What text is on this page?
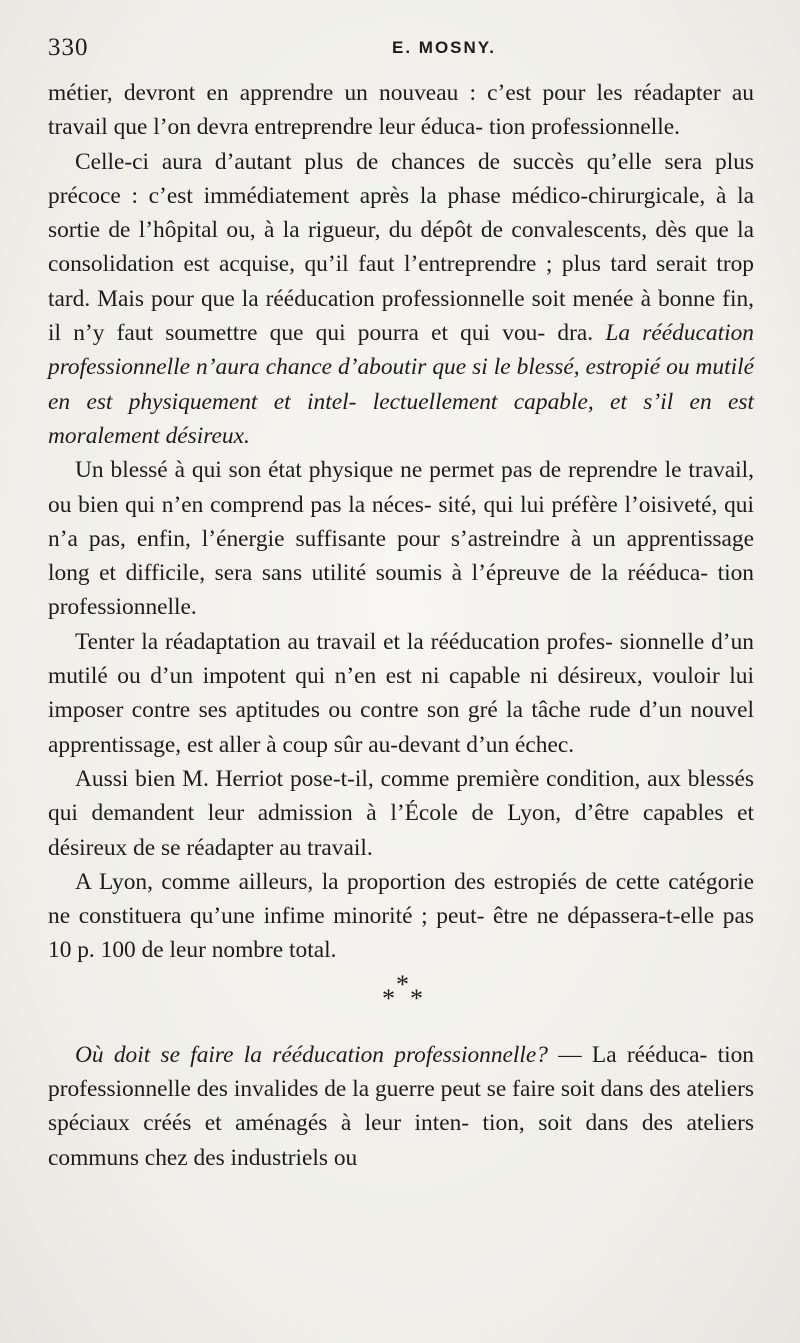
330	E. MOSNY.

métier, devront en apprendre un nouveau : c’est pour les réadapter au travail que l’on devra entreprendre leur éduca- tion professionnelle.

Celle-ci aura d’autant plus de chances de succès qu’elle sera plus précoce : c’est immédiatement après la phase médico-chirurgicale, à la sortie de l’hôpital ou, à la rigueur, du dépôt de convalescents, dès que la consolidation est acquise, qu’il faut l’entreprendre ; plus tard serait trop tard. Mais pour que la rééducation professionnelle soit menée à bonne fin, il n’y faut soumettre que qui pourra et qui vou- dra. La rééducation professionnelle n’aura chance d’aboutir que si le blessé, estropié ou mutilé en est physiquement et intel- lectuellement capable, et s’il en est moralement désireux.

Un blessé à qui son état physique ne permet pas de reprendre le travail, ou bien qui n’en comprend pas la néces- sité, qui lui préfère l’oisiveté, qui n’a pas, enfin, l’énergie suffisante pour s’astreindre à un apprentissage long et difficile, sera sans utilité soumis à l’épreuve de la rééduca- tion professionnelle.

Tenter la réadaptation au travail et la rééducation profes- sionnelle d’un mutilé ou d’un impotent qui n’en est ni capable ni désireux, vouloir lui imposer contre ses aptitudes ou contre son gré la tâche rude d’un nouvel apprentissage, est aller à coup sûr au-devant d’un échec.

Aussi bien M. Herriot pose-t-il, comme première condition, aux blessés qui demandent leur admission à l’École de Lyon, d’être capables et désireux de se réadapter au travail.

A Lyon, comme ailleurs, la proportion des estropiés de cette catégorie ne constituera qu’une infime minorité ; peut- être ne dépassera-t-elle pas 10 p. 100 de leur nombre total.

*
* *

Où doit se faire la rééducation professionnelle? — La rééduca- tion professionnelle des invalides de la guerre peut se faire soit dans des ateliers spéciaux créés et aménagés à leur inten- tion, soit dans des ateliers communs chez des industriels ou
